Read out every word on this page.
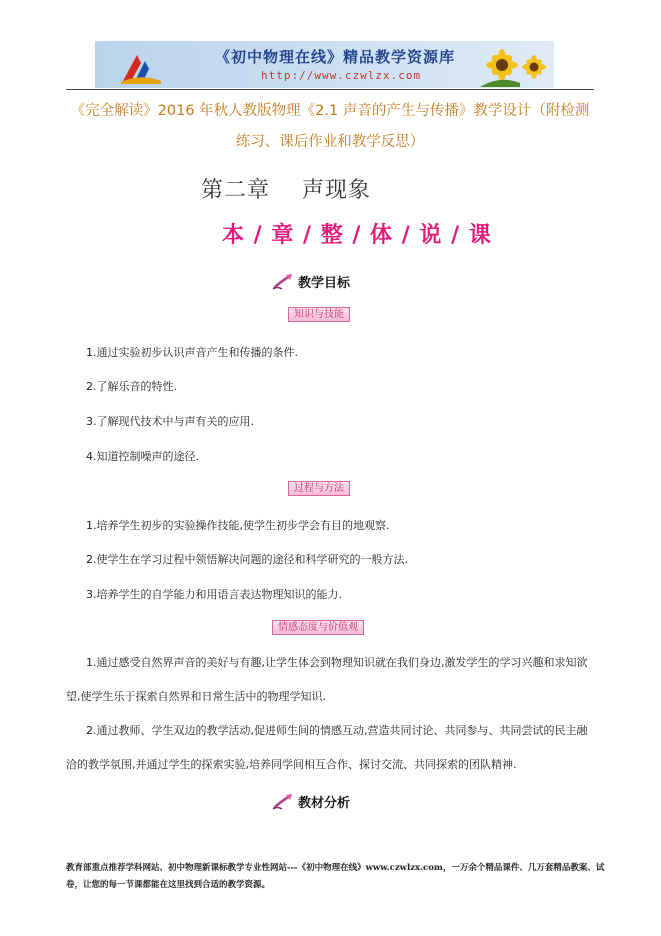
《初中物理在线》精品教学资源库
http://www.czwlzx.com
《完全解读》2016 年秋人教版物理《2.1 声音的产生与传播》教学设计（附检测练习、课后作业和教学反思）
第二章    声现象
本 / 章 / 整 / 体 / 说 / 课
教学目标
知识与技能
1.通过实验初步认识声音产生和传播的条件.
2.了解乐音的特性.
3.了解现代技术中与声有关的应用.
4.知道控制噪声的途径.
过程与方法
1.培养学生初步的实验操作技能,使学生初步学会有目的地观察.
2.使学生在学习过程中领悟解决问题的途径和科学研究的一般方法.
3.培养学生的自学能力和用语言表达物理知识的能力.
情感态度与价值观
1.通过感受自然界声音的美好与有趣,让学生体会到物理知识就在我们身边,激发学生的学习兴趣和求知欲望,使学生乐于探索自然界和日常生活中的物理学知识.
2.通过教师、学生双边的教学活动,促进师生间的情感互动,营造共同讨论、共同参与、共同尝试的民主融洽的教学氛围,并通过学生的探索实验,培养同学间相互合作、探讨交流、共同探索的团队精神.
教材分析
教育部重点推荐学科网站、初中物理新课标教学专业性网站---《初中物理在线》www.czwlzx.com，一万余个精品课件、几万套精品教案、试卷，让您的每一节课都能在这里找到合适的教学资源。
